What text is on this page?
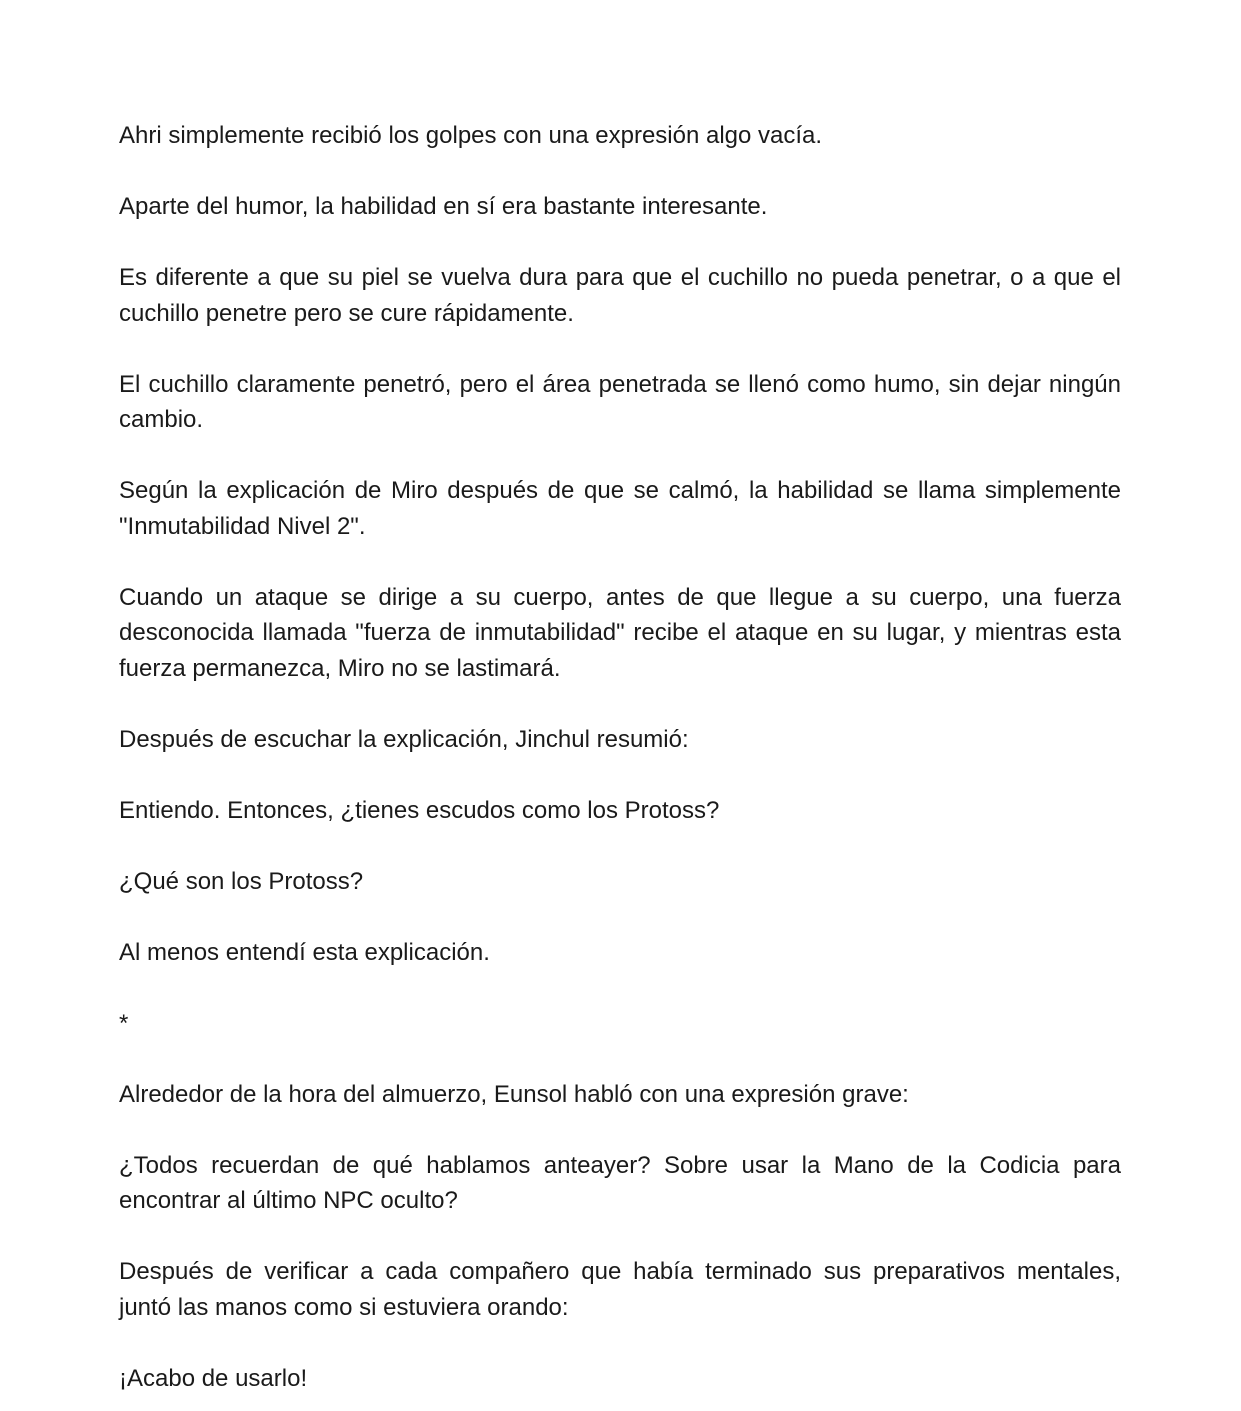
Ahri simplemente recibió los golpes con una expresión algo vacía.

Aparte del humor, la habilidad en sí era bastante interesante.

Es diferente a que su piel se vuelva dura para que el cuchillo no pueda penetrar, o a que el cuchillo penetre pero se cure rápidamente.

El cuchillo claramente penetró, pero el área penetrada se llenó como humo, sin dejar ningún cambio.

Según la explicación de Miro después de que se calmó, la habilidad se llama simplemente "Inmutabilidad Nivel 2".

Cuando un ataque se dirige a su cuerpo, antes de que llegue a su cuerpo, una fuerza desconocida llamada "fuerza de inmutabilidad" recibe el ataque en su lugar, y mientras esta fuerza permanezca, Miro no se lastimará.

Después de escuchar la explicación, Jinchul resumió:

Entiendo. Entonces, ¿tienes escudos como los Protoss?

¿Qué son los Protoss?

Al menos entendí esta explicación.

*

Alrededor de la hora del almuerzo, Eunsol habló con una expresión grave:

¿Todos recuerdan de qué hablamos anteayer? Sobre usar la Mano de la Codicia para encontrar al último NPC oculto?

Después de verificar a cada compañero que había terminado sus preparativos mentales, juntó las manos como si estuviera orando:

¡Acabo de usarlo!
